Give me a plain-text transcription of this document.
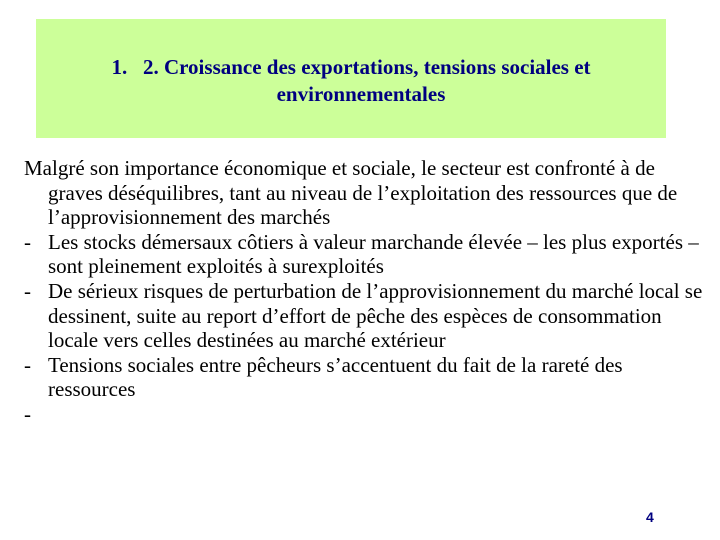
1. 2. Croissance des exportations, tensions sociales et
environnementales

Malgré son importance économique et sociale, le secteur est confronté à de graves déséquilibres, tant au niveau de l’exploitation des ressources que de l’approvisionnement des marchés

- Les stocks démersaux côtiers à valeur marchande élevée – les plus exportés – sont pleinement exploités à surexploités
- De sérieux risques de perturbation de l’approvisionnement du marché local se dessinent, suite au report d’effort de pêche des espèces de consommation locale vers celles destinées au marché extérieur
- Tensions sociales entre pêcheurs s’accentuent du fait de la rareté des ressources
-
4
